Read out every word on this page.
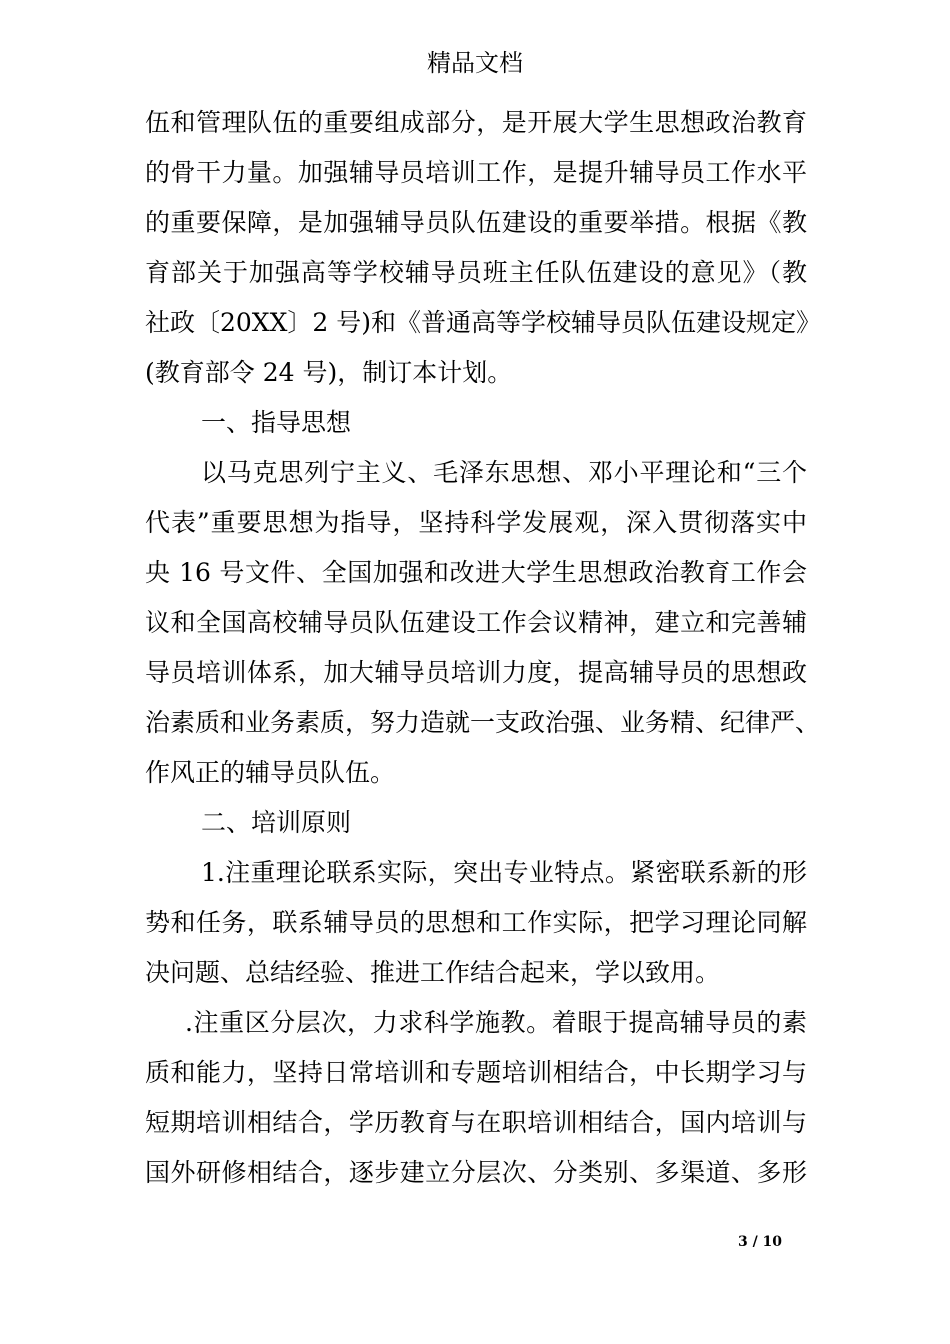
精品文档
伍和管理队伍的重要组成部分，是开展大学生思想政治教育
的骨干力量。加强辅导员培训工作，是提升辅导员工作水平
的重要保障，是加强辅导员队伍建设的重要举措。根据《教
育部关于加强高等学校辅导员班主任队伍建设的意见》（教
社政〔20XX〕2 号)和《普通高等学校辅导员队伍建设规定》
(教育部令 24 号)，制订本计划。
一、指导思想
以马克思列宁主义、毛泽东思想、邓小平理论和“三个
代表”重要思想为指导，坚持科学发展观，深入贯彻落实中
央 16 号文件、全国加强和改进大学生思想政治教育工作会
议和全国高校辅导员队伍建设工作会议精神，建立和完善辅
导员培训体系，加大辅导员培训力度，提高辅导员的思想政
治素质和业务素质，努力造就一支政治强、业务精、纪律严、
作风正的辅导员队伍。
二、培训原则
1.注重理论联系实际，突出专业特点。紧密联系新的形
势和任务，联系辅导员的思想和工作实际，把学习理论同解
决问题、总结经验、推进工作结合起来，学以致用。
.注重区分层次，力求科学施教。着眼于提高辅导员的素
质和能力，坚持日常培训和专题培训相结合，中长期学习与
短期培训相结合，学历教育与在职培训相结合，国内培训与
国外研修相结合，逐步建立分层次、分类别、多渠道、多形
3 / 10
